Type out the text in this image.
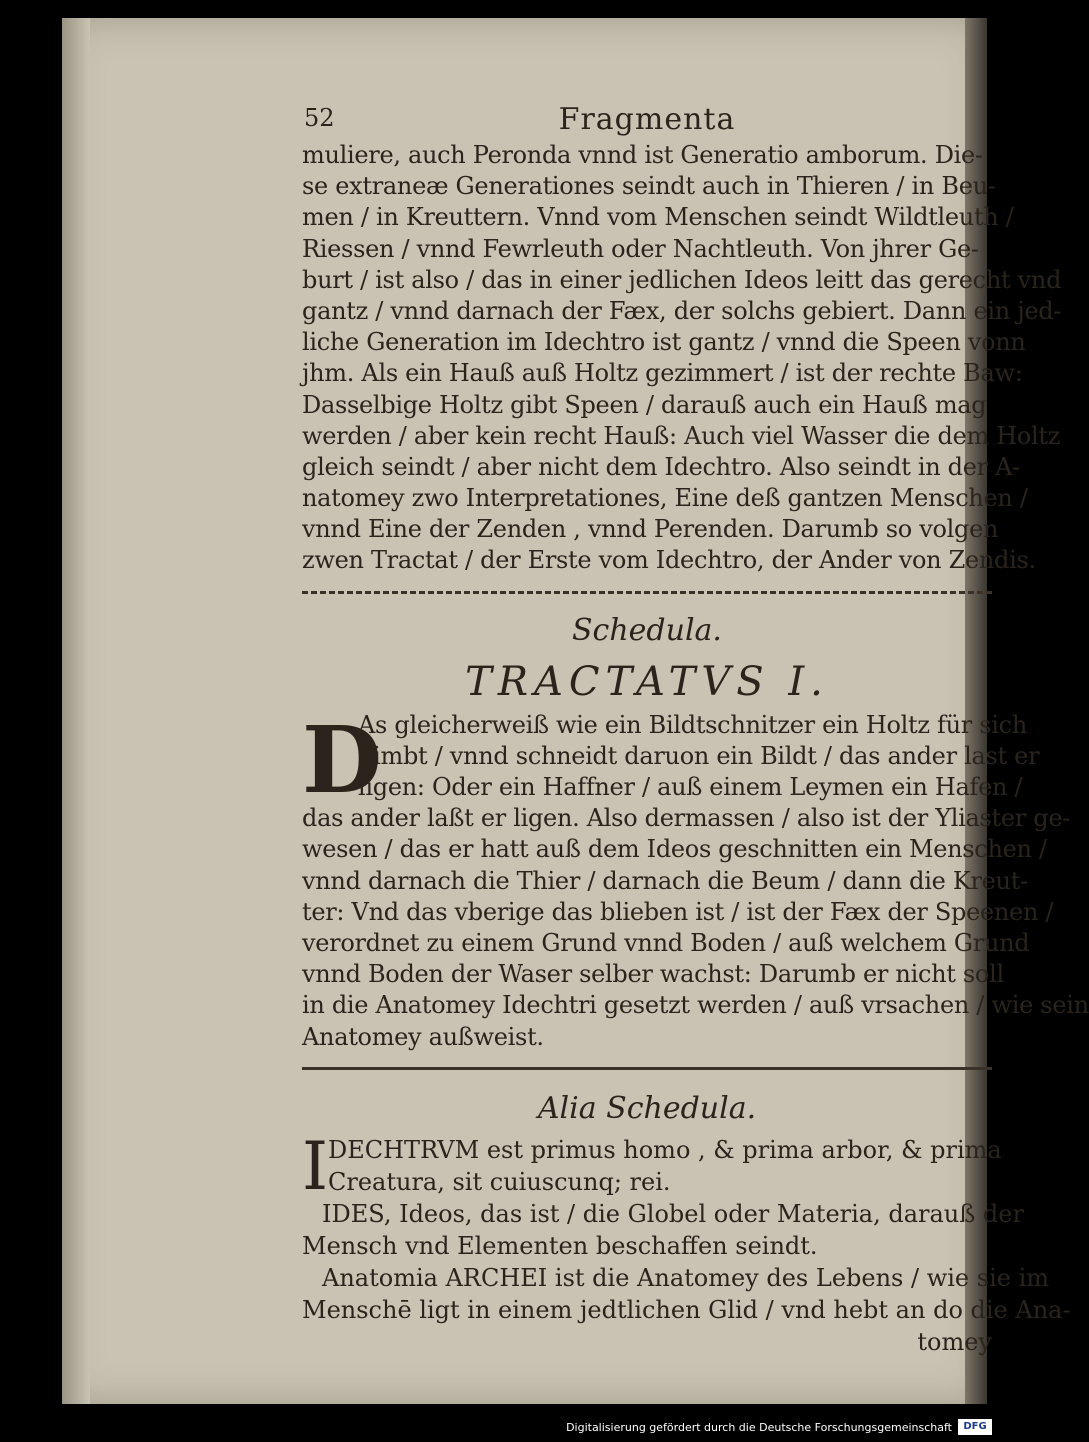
52	Fragmenta
muliere, auch Peronda vnnd ist Generatio amborum. Die-
se extraneæ Generationes seindt auch in Thieren / in Beu-
men / in Kreuttern. Vnnd vom Menschen seindt Wildtleuth /
Riessen / vnnd Fewrleuth oder Nachtleuth. Von jhrer Ge-
burt / ist also / das in einer jedlichen Ideos leitt das gerecht vnd
gantz / vnnd darnach der Fæx, der solchs gebiert. Dann ein jed-
liche Generation im Idechtro ist gantz / vnnd die Speen vonn
jhm. Als ein Hauß auß Holtz gezimmert / ist der rechte Baw:
Dasselbige Holtz gibt Speen / darauß auch ein Hauß mag
werden / aber kein recht Hauß: Auch viel Wasser die dem Holtz
gleich seindt / aber nicht dem Idechtro. Also seindt in der A-
natomey zwo Interpretationes, Eine deß gantzen Menschen /
vnnd Eine der Zenden , vnnd Perenden. Darumb so volgen
zwen Tractat / der Erste vom Idechtro, der Ander von Zendis.
Schedula.
TRACTATVS I.
D
As gleicherweiß wie ein Bildtschnitzer ein Holtz für sich
nimbt / vnnd schneidt daruon ein Bildt / das ander last er
ligen: Oder ein Haffner / auß einem Leymen ein Hafen /
das ander laßt er ligen. Also dermassen / also ist der Yliaster ge-
wesen / das er hatt auß dem Ideos geschnitten ein Menschen /
vnnd darnach die Thier / darnach die Beum / dann die Kreut-
ter: Vnd das vberige das blieben ist / ist der Fæx der Speenen /
verordnet zu einem Grund vnnd Boden / auß welchem Grund
vnnd Boden der Waser selber wachst: Darumb er nicht soll
in die Anatomey Idechtri gesetzt werden / auß vrsachen / wie sein
Anatomey außweist.
Alia Schedula.
I DECHTRVM est primus homo , & prima arbor, & prima
Creatura, sit cuiuscunq; rei.
IDES, Ideos, das ist / die Globel oder Materia, darauß der
Mensch vnd Elementen beschaffen seindt.
Anatomia ARCHEI ist die Anatomey des Lebens / wie sie im
Menschē ligt in einem jedtlichen Glid / vnd hebt an do die Ana-
tomey
Digitalisierung gefördert durch die Deutsche Forschungsgemeinschaft	DFG
